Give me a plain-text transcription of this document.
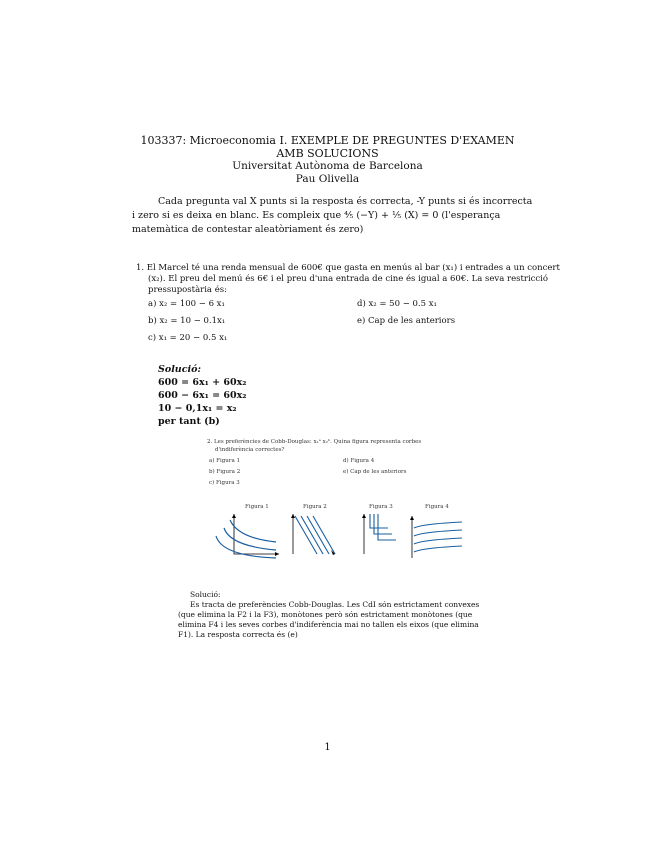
103337: Microeconomia I. EXEMPLE DE PREGUNTES D'EXAMEN
AMB SOLUCIONS
Universitat Autònoma de Barcelona
Pau Olivella
Cada pregunta val X punts si la resposta és correcta, -Y punts si és incorrecta
i zero si es deixa en blanc. Es compleix que ⅘ (−Y) + ⅕ (X) = 0 (l'esperança
matemàtica de contestar aleatòriament és zero)
1. El Marcel té una renda mensual de 600€ que gasta en menús al bar (x₁) i entrades a un concert
(x₂). El preu del menú és 6€ i el preu d'una entrada de cine és igual a 60€. La seva restricció
pressupostària és:
a) x₂ = 100 − 6 x₁
b) x₂ = 10 − 0.1x₁
c) x₁ = 20 − 0.5 x₁
d) x₂ = 50 − 0.5 x₁
e) Cap de les anteriors
Solució:
600 = 6x₁ + 60x₂
600 − 6x₁ = 60x₂
10 − 0,1x₁ = x₂
per tant (b)
2. Les preferències de Cobb-Douglas: x₁ᵃ x₂ᵇ. Quina figura representa corbes
d'indiferència correctes?
a) Figura 1
b) Figura 2
c) Figura 3
d) Figura 4
e) Cap de les anteriors
Figura 1	Figura 2	Figura 3	Figura 4
Solució:
Es tracta de preferències Cobb-Douglas. Les CdI són estrictament convexes
(que elimina la F2 i la F3), monòtones però són estrictament monòtones (que
elimina F4 i les seves corbes d'indiferència mai no tallen els eixos (que elimina
F1). La resposta correcta és (e)
1
